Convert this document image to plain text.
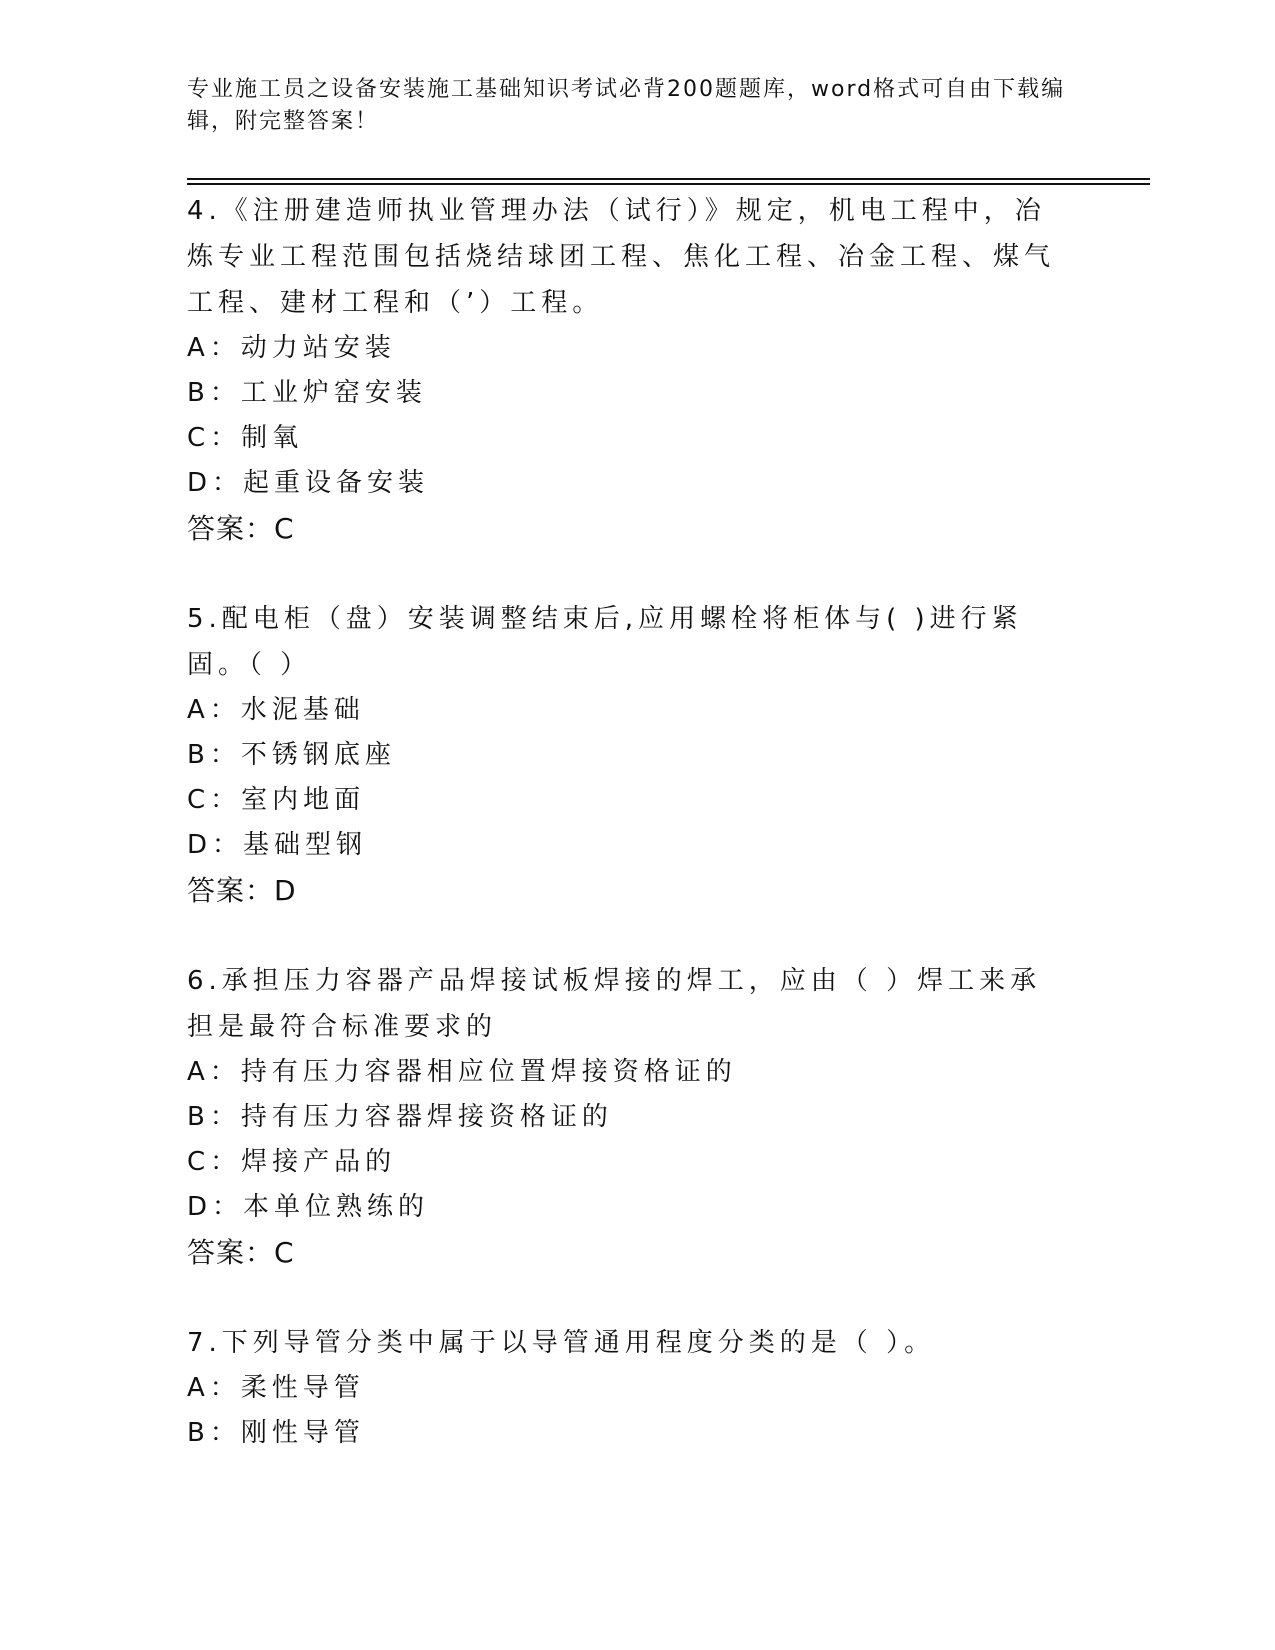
专业施工员之设备安装施工基础知识考试必背200题题库，word格式可自由下载编辑，附完整答案！
4.《注册建造师执业管理办法（试行）》规定，机电工程中，冶炼专业工程范围包括烧结球团工程、焦化工程、冶金工程、煤气工程、建材工程和（’）工程。
A：动力站安装
B：工业炉窑安装
C：制氧
D：起重设备安装
答案：C
5.配电柜（盘）安装调整结束后,应用螺栓将柜体与( )进行紧固。（ ）
A：水泥基础
B：不锈钢底座
C：室内地面
D：基础型钢
答案：D
6.承担压力容器产品焊接试板焊接的焊工，应由（ ）焊工来承担是最符合标准要求的
A：持有压力容器相应位置焊接资格证的
B：持有压力容器焊接资格证的
C：焊接产品的
D：本单位熟练的
答案：C
7.下列导管分类中属于以导管通用程度分类的是（ ）。
A：柔性导管
B：刚性导管
